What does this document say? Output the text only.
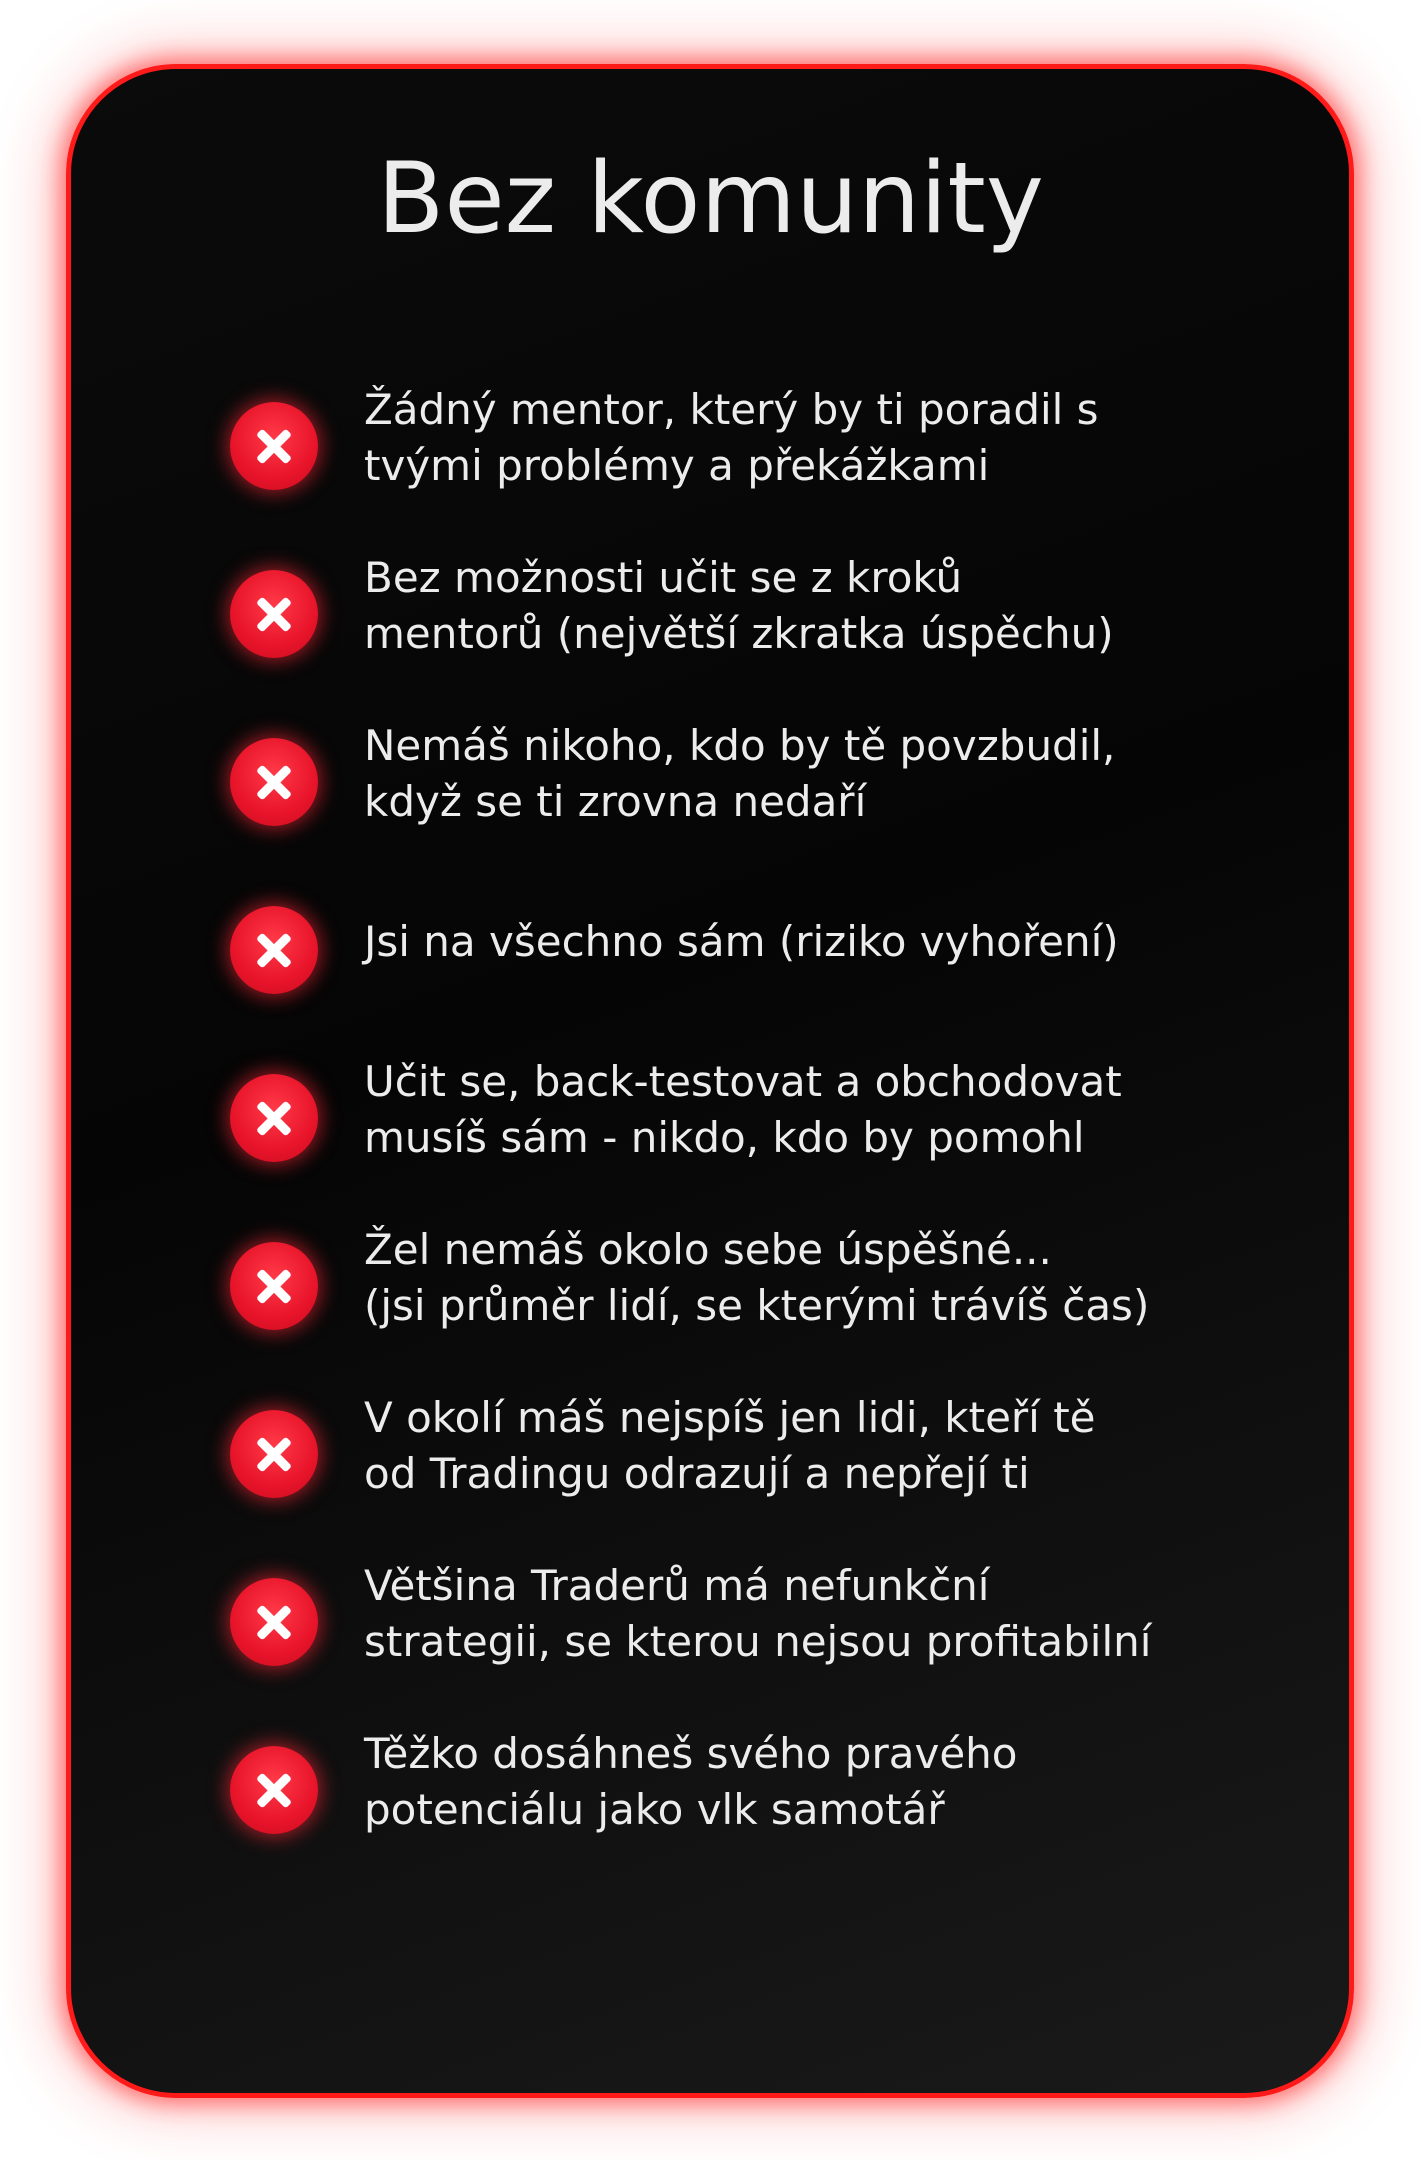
Bez komunity
Žádný mentor, který by ti poradil s
tvými problémy a překážkami
Bez možnosti učit se z kroků
mentorů (největší zkratka úspěchu)
Nemáš nikoho, kdo by tě povzbudil,
když se ti zrovna nedaří
Jsi na všechno sám (riziko vyhoření)
Učit se, back-testovat a obchodovat
musíš sám - nikdo, kdo by pomohl
Žel nemáš okolo sebe úspěšné...
(jsi průměr lidí, se kterými trávíš čas)
V okolí máš nejspíš jen lidi, kteří tě
od Tradingu odrazují a nepřejí ti
Většina Traderů má nefunkční
strategii, se kterou nejsou profitabilní
Těžko dosáhneš svého pravého
potenciálu jako vlk samotář
